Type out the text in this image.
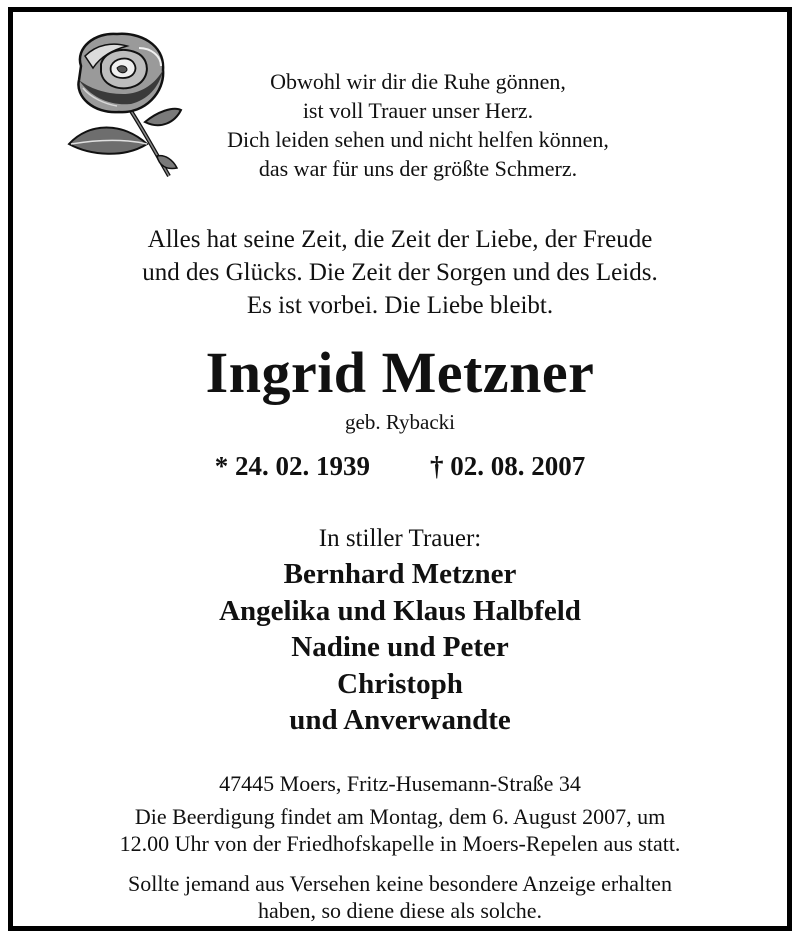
Obwohl wir dir die Ruhe gönnen,
ist voll Trauer unser Herz.
Dich leiden sehen und nicht helfen können,
das war für uns der größte Schmerz.
Alles hat seine Zeit, die Zeit der Liebe, der Freude
und des Glücks. Die Zeit der Sorgen und des Leids.
Es ist vorbei. Die Liebe bleibt.
Ingrid Metzner
geb. Rybacki
* 24. 02. 1939 † 02. 08. 2007
In stiller Trauer:
Bernhard Metzner
Angelika und Klaus Halbfeld
Nadine und Peter
Christoph
und Anverwandte
47445 Moers, Fritz-Husemann-Straße 34
Die Beerdigung findet am Montag, dem 6. August 2007, um
12.00 Uhr von der Friedhofskapelle in Moers-Repelen aus statt.
Sollte jemand aus Versehen keine besondere Anzeige erhalten
haben, so diene diese als solche.
